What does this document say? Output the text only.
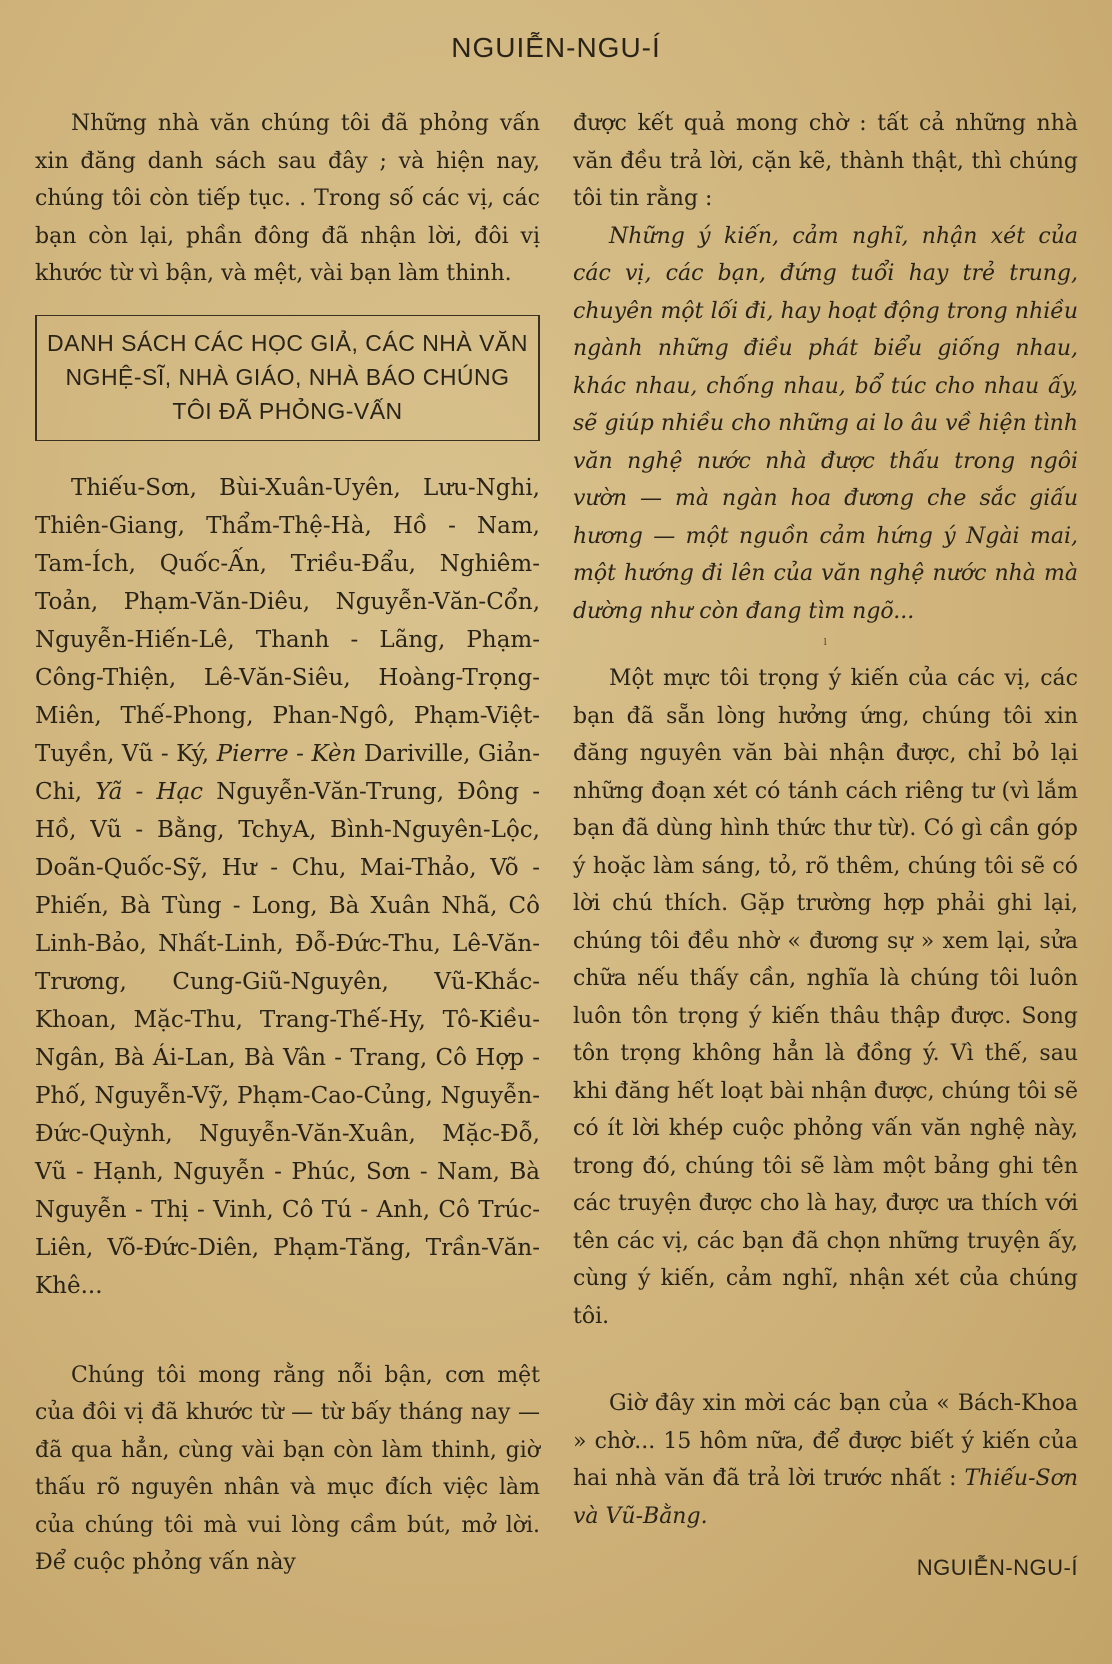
NGUIỄN-NGU-Í

Những nhà văn chúng tôi đã phỏng vấn xin đăng danh sách sau đây ; và hiện nay, chúng tôi còn tiếp tục. . Trong số các vị, các bạn còn lại, phần đông đã nhận lời, đôi vị khước từ vì bận, và mệt, vài bạn làm thinh.

DANH SÁCH CÁC HỌC GIẢ, CÁC NHÀ VĂN NGHỆ-SĨ, NHÀ GIÁO, NHÀ BÁO CHÚNG TÔI ĐÃ PHỎNG-VẤN

Thiếu-Sơn, Bùi-Xuân-Uyên, Lưu-Nghi, Thiên-Giang, Thẩm-Thệ-Hà, Hồ - Nam, Tam-Ích, Quốc-Ấn, Triều-Đẩu, Nghiêm-Toản, Phạm-Văn-Diêu, Nguyễn-Văn-Cổn, Nguyễn-Hiến-Lê, Thanh - Lãng, Phạm-Công-Thiện, Lê-Văn-Siêu, Hoàng-Trọng-Miên, Thế-Phong, Phan-Ngô, Phạm-Việt-Tuyền, Vũ - Ký, Pierre - Kèn Dariville, Giản-Chi, Yã - Hạc Nguyễn-Văn-Trung, Đông - Hồ, Vũ - Bằng, TchyA, Bình-Nguyên-Lộc, Doãn-Quốc-Sỹ, Hư - Chu, Mai-Thảo, Võ - Phiến, Bà Tùng - Long, Bà Xuân Nhã, Cô Linh-Bảo, Nhất-Linh, Đỗ-Đức-Thu, Lê-Văn-Trương, Cung-Giũ-Nguyên, Vũ-Khắc-Khoan, Mặc-Thu, Trang-Thế-Hy, Tô-Kiều-Ngân, Bà Ái-Lan, Bà Vân - Trang, Cô Hợp - Phố, Nguyễn-Vỹ, Phạm-Cao-Củng, Nguyễn-Đức-Quỳnh, Nguyễn-Văn-Xuân, Mặc-Đỗ, Vũ - Hạnh, Nguyễn - Phúc, Sơn - Nam, Bà Nguyễn - Thị - Vinh, Cô Tú - Anh, Cô Trúc-Liên, Võ-Đức-Diên, Phạm-Tăng, Trần-Văn-Khê...

Chúng tôi mong rằng nỗi bận, cơn mệt của đôi vị đã khước từ — từ bấy tháng nay — đã qua hẳn, cùng vài bạn còn làm thinh, giờ thấu rõ nguyên nhân và mục đích việc làm của chúng tôi mà vui lòng cầm bút, mở lời. Để cuộc phỏng vấn này

được kết quả mong chờ : tất cả những nhà văn đều trả lời, cặn kẽ, thành thật, thì chúng tôi tin rằng :

Những ý kiến, cảm nghĩ, nhận xét của các vị, các bạn, đứng tuổi hay trẻ trung, chuyên một lối đi, hay hoạt động trong nhiều ngành những điều phát biểu giống nhau, khác nhau, chống nhau, bổ túc cho nhau ấy, sẽ giúp nhiều cho những ai lo âu về hiện tình văn nghệ nước nhà được thấu trong ngôi vườn — mà ngàn hoa đương che sắc giấu hương — một nguồn cảm hứng ý Ngài mai, một hướng đi lên của văn nghệ nước nhà mà dường như còn đang tìm ngõ...

ˡ

Một mực tôi trọng ý kiến của các vị, các bạn đã sẵn lòng hưởng ứng, chúng tôi xin đăng nguyên văn bài nhận được, chỉ bỏ lại những đoạn xét có tánh cách riêng tư (vì lắm bạn đã dùng hình thức thư từ). Có gì cần góp ý hoặc làm sáng, tỏ, rõ thêm, chúng tôi sẽ có lời chú thích. Gặp trường hợp phải ghi lại, chúng tôi đều nhờ « đương sự » xem lại, sửa chữa nếu thấy cần, nghĩa là chúng tôi luôn luôn tôn trọng ý kiến thâu thập được. Song tôn trọng không hẳn là đồng ý. Vì thế, sau khi đăng hết loạt bài nhận được, chúng tôi sẽ có ít lời khép cuộc phỏng vấn văn nghệ này, trong đó, chúng tôi sẽ làm một bảng ghi tên các truyện được cho là hay, được ưa thích với tên các vị, các bạn đã chọn những truyện ấy, cùng ý kiến, cảm nghĩ, nhận xét của chúng tôi.

Giờ đây xin mời các bạn của « Bách-Khoa » chờ... 15 hôm nữa, để được biết ý kiến của hai nhà văn đã trả lời trước nhất : Thiếu-Sơn và Vũ-Bằng.

NGUIỄN-NGU-Í
